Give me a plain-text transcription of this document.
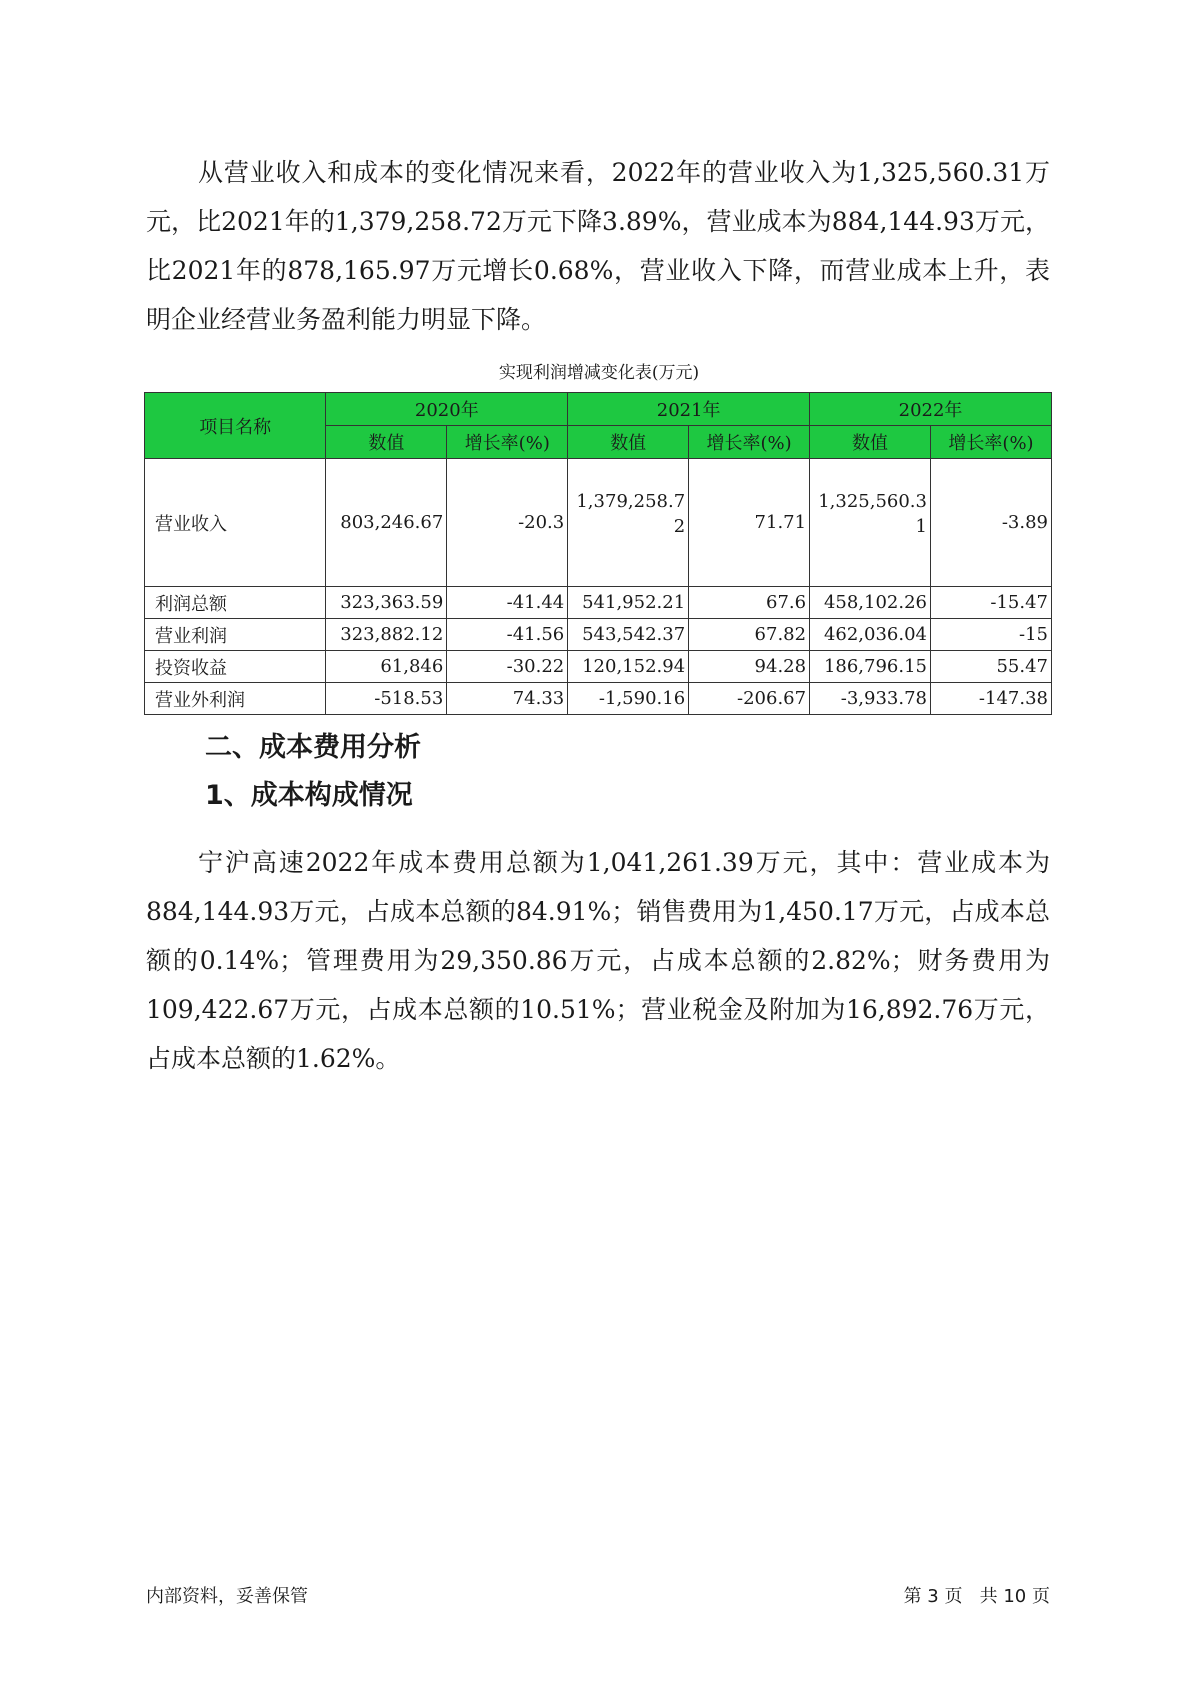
从营业收入和成本的变化情况来看，2022年的营业收入为1,325,560.31万元，比2021年的1,379,258.72万元下降3.89%，营业成本为884,144.93万元，比2021年的878,165.97万元增长0.68%，营业收入下降，而营业成本上升，表明企业经营业务盈利能力明显下降。

实现利润增减变化表(万元)
项目名称	2020年		2021年		2022年	
	数值	增长率(%)	数值	增长率(%)	数值	增长率(%)
营业收入	803,246.67	-20.3	1,379,258.72	71.71	1,325,560.31	-3.89
利润总额	323,363.59	-41.44	541,952.21	67.6	458,102.26	-15.47
营业利润	323,882.12	-41.56	543,542.37	67.82	462,036.04	-15
投资收益	61,846	-30.22	120,152.94	94.28	186,796.15	55.47
营业外利润	-518.53	74.33	-1,590.16	-206.67	-3,933.78	-147.38
二、成本费用分析
1、成本构成情况

宁沪高速2022年成本费用总额为1,041,261.39万元，其中：营业成本为884,144.93万元，占成本总额的84.91%；销售费用为1,450.17万元，占成本总额的0.14%；管理费用为29,350.86万元，占成本总额的2.82%；财务费用为109,422.67万元，占成本总额的10.51%；营业税金及附加为16,892.76万元，占成本总额的1.62%。

内部资料，妥善保管	第 3 页   共 10 页
